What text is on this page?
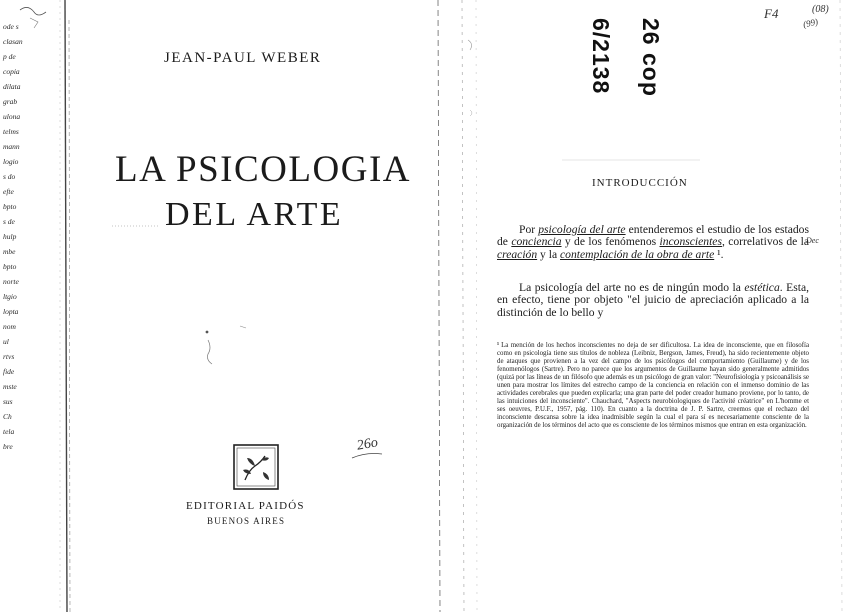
ode s
clasan
p de
copia
dilata
grab
ulona
telms
mann
logio
s do
efte
bpto
s de
hulp
mbe
bpto
norte
ltgio
lopta
nom
ul
rtvs
fide
mste
sus
Ch
tela
bre
JEAN-PAUL WEBER
LA PSICOLOGIA
DEL ARTE
EDITORIAL PAIDÓS
BUENOS AIRES
26o
6/2138 26 cop
F4	(08)
(99)
INTRODUCCIÓN
Por psicología del arte entenderemos el estudio de los estados de conciencia y de los fenómenos inconscientes, correlativos de la creación y la contemplación de la obra de arte ¹.
Dec
La psicología del arte no es de ningún modo la estética. Esta, en efecto, tiene por objeto "el juicio de apreciación aplicado a la distinción de lo bello y
¹ La mención de los hechos inconscientes no deja de ser dificultosa. La idea de inconsciente, que en filosofía como en psicología tiene sus títulos de nobleza (Leibniz, Bergson, James, Freud), ha sido recientemente objeto de ataques que provienen a la vez del campo de los psicólogos del comportamiento (Guillaume) y de los fenomenólogos (Sartre). Pero no parece que los argumentos de Guillaume hayan sido generalmente admitidos (quizá por las líneas de un filósofo que además es un psicólogo de gran valor: "Neurofisiología y psicoanálisis se unen para mostrar los límites del estrecho campo de la conciencia en relación con el inmenso dominio de las actividades cerebrales que pueden explicarla; una gran parte del poder creador humano proviene, por lo tanto, de las intuiciones del inconsciente". Chauchard, "Aspects neurobiologiques de l'activité créatrice" en L'homme et ses oeuvres, P.U.F., 1957, pág. 110). En cuanto a la doctrina de J. P. Sartre, creemos que el rechazo del inconsciente descansa sobre la idea inadmisible según la cual el para sí es necesariamente consciente de la organización de los términos del acto que es consciente de los términos mismos que entran en esta organización.
